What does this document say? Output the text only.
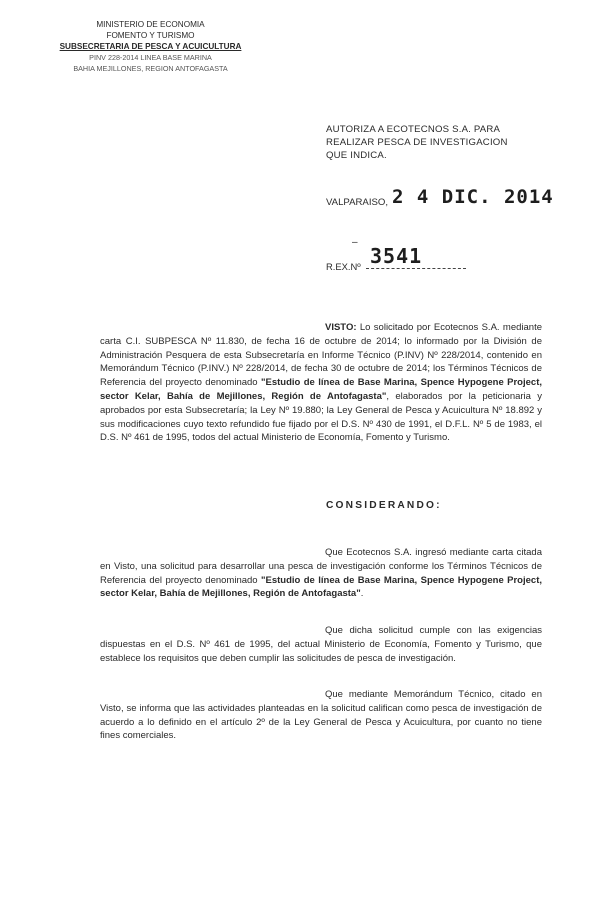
MINISTERIO DE ECONOMIA
FOMENTO Y TURISMO
SUBSECRETARIA DE PESCA Y ACUICULTURA
PINV 228-2014 LINEA BASE MARINA
BAHIA MEJILLONES, REGION ANTOFAGASTA
AUTORIZA A ECOTECNOS S.A. PARA REALIZAR PESCA DE INVESTIGACION QUE INDICA.
VALPARAISO, 2 4 DIC. 2014
–
R.EX.Nº 3541
VISTO: Lo solicitado por Ecotecnos S.A. mediante carta C.I. SUBPESCA Nº 11.830, de fecha 16 de octubre de 2014; lo informado por la División de Administración Pesquera de esta Subsecretaría en Informe Técnico (P.INV) Nº 228/2014, contenido en Memorándum Técnico (P.INV.) Nº 228/2014, de fecha 30 de octubre de 2014; los Términos Técnicos de Referencia del proyecto denominado "Estudio de línea de Base Marina, Spence Hypogene Project, sector Kelar, Bahía de Mejillones, Región de Antofagasta", elaborados por la peticionaria y aprobados por esta Subsecretaría; la Ley Nº 19.880; la Ley General de Pesca y Acuicultura Nº 18.892 y sus modificaciones cuyo texto refundido fue fijado por el D.S. Nº 430 de 1991, el D.F.L. Nº 5 de 1983, el D.S. Nº 461 de 1995, todos del actual Ministerio de Economía, Fomento y Turismo.
CONSIDERANDO:
Que Ecotecnos S.A. ingresó mediante carta citada en Visto, una solicitud para desarrollar una pesca de investigación conforme los Términos Técnicos de Referencia del proyecto denominado "Estudio de línea de Base Marina, Spence Hypogene Project, sector Kelar, Bahía de Mejillones, Región de Antofagasta".
Que dicha solicitud cumple con las exigencias dispuestas en el D.S. Nº 461 de 1995, del actual Ministerio de Economía, Fomento y Turismo, que establece los requisitos que deben cumplir las solicitudes de pesca de investigación.
Que mediante Memorándum Técnico, citado en Visto, se informa que las actividades planteadas en la solicitud califican como pesca de investigación de acuerdo a lo definido en el artículo 2º de la Ley General de Pesca y Acuicultura, por cuanto no tiene fines comerciales.
